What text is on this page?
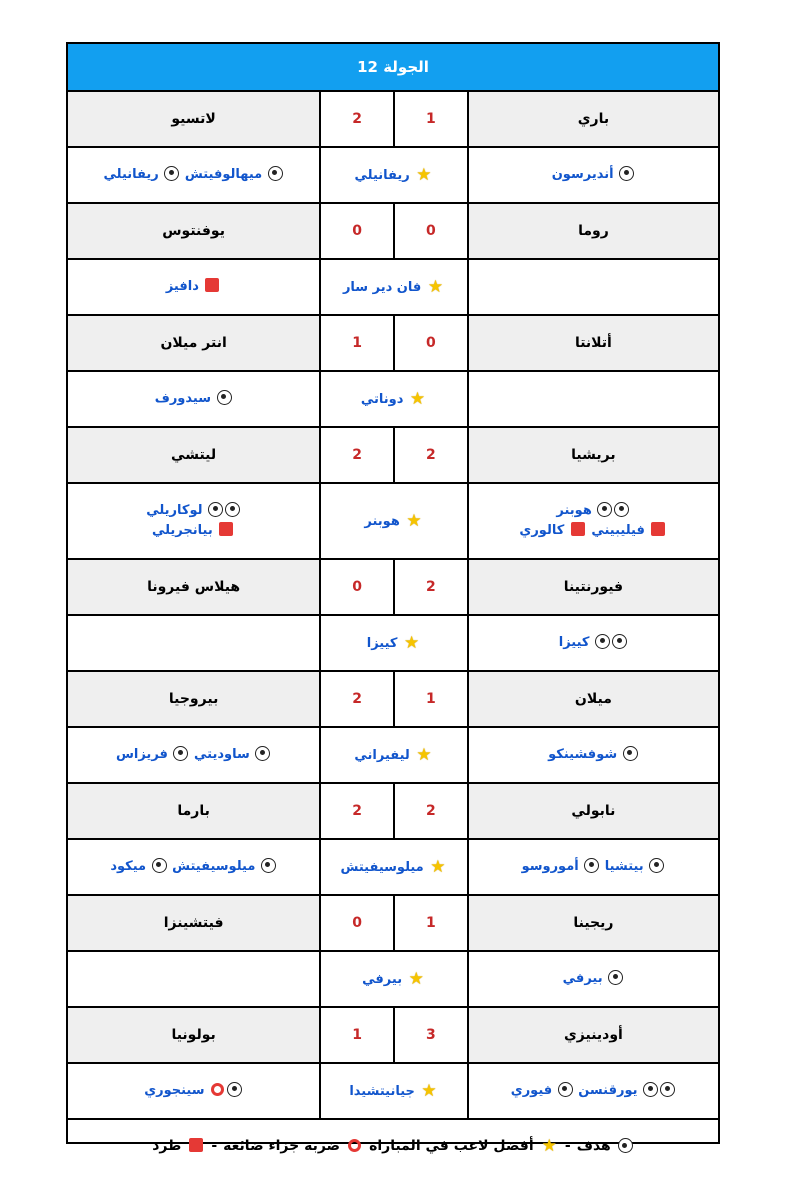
الجولة 12
باري
1
2
لاتسيو
أنديرسون
★ ريفانيلي
ميهالوفيتش  ريفانيلي
روما
0
0
يوفنتوس
★ فان دير سار
دافيز
أتلانتا
0
1
انتر ميلان
★ دوناتي
سيدورف
بريشيا
2
2
ليتشي
هوبنر
فيليبيني  كالوري
★ هوبنر
لوكاريلي
بيانجريلي
فيورنتينا
2
0
هيلاس فيرونا
كييزا
★ كييزا
ميلان
1
2
بيروجيا
شوفشينكو
★ ليفيراني
ساوديتي  فريزاس
نابولي
2
2
بارما
بيتشيا  أموروسو
★ ميلوسيفيتش
ميلوسيفيتش  ميكود
ريجينا
1
0
فيتشينزا
بيرفي
★ بيرفي
أودينيزي
3
1
بولونيا
يورقنسن  فيوري
★ جيانيتشيدا
سينجوري
هدف
-
★
أفضل لاعب في المباراة
ضربة جزاء ضائعة
-
طرد
